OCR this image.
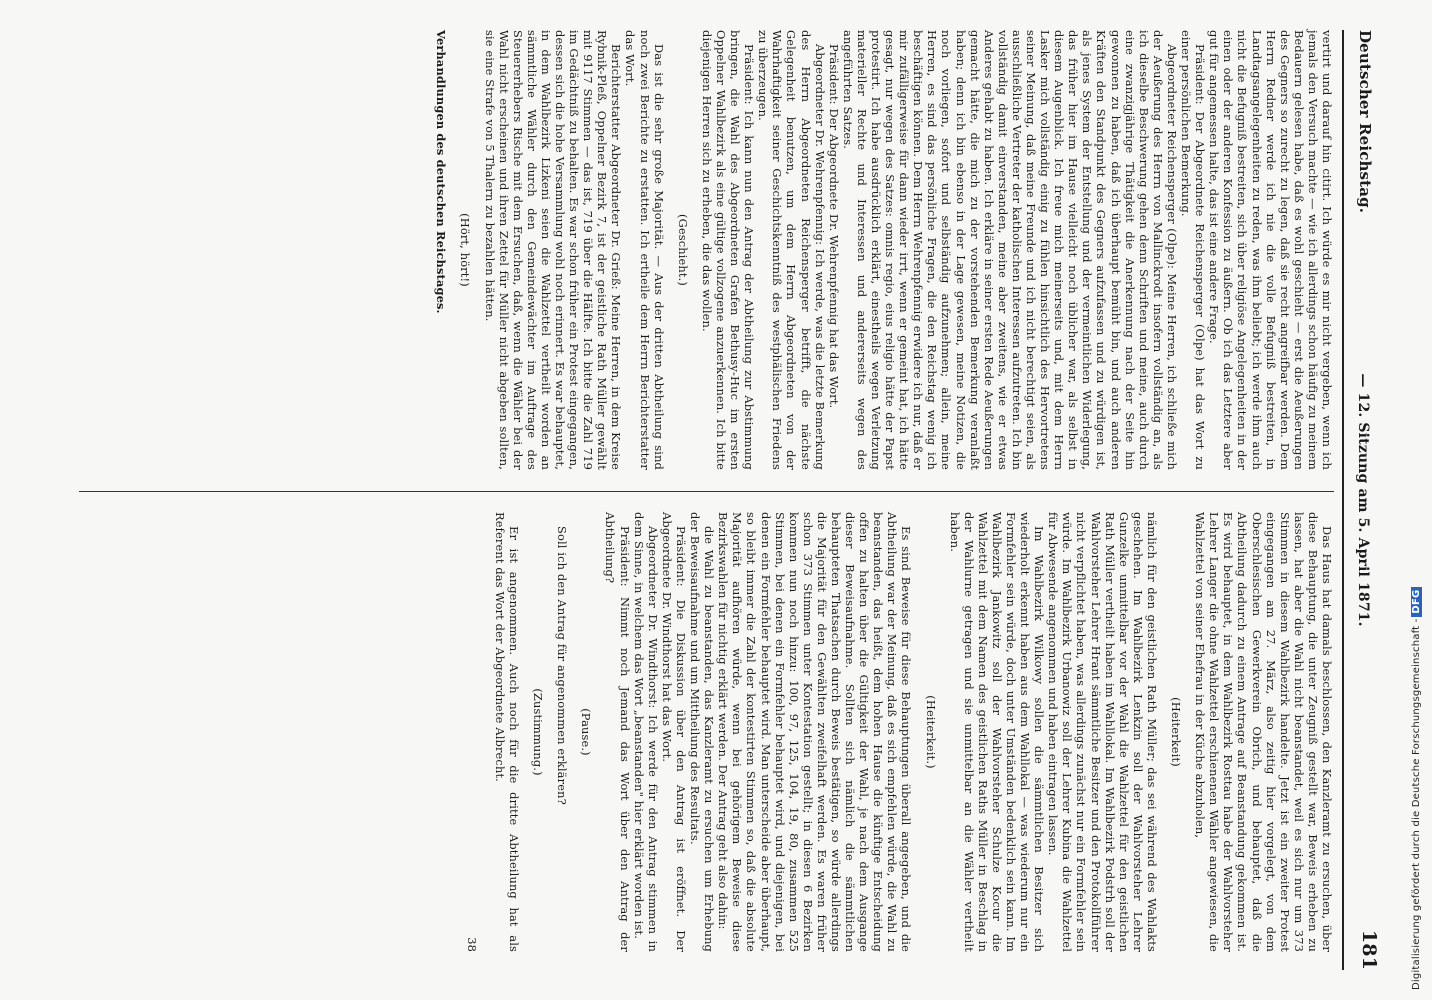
Deutscher Reichstag.
— 12. Sitzung am 5. April 1871.
181

vertirt und darauf hin citirt. Ich würde es mir nicht vergeben, wenn ich jemals den Versuch machte — wie ich allerdings schon häufig zu meinem Bedauern gelesen habe, daß es wohl geschieht — erst die Aeußerungen des Gegners so zurecht zu legen, daß sie recht angreifbar werden. Dem Herrn Redner werde ich nie die volle Befugniß bestreiten, in Landtagsangelegenheiten zu reden, was ihm beliebt; ich werde ihm auch nicht die Befugniß bestreiten, sich über religiöse Angelegenheiten in der einen oder der anderen Konfession zu äußern. Ob ich das Letztere aber gut für angemessen halte, das ist eine andere Frage.

Präsident: Der Abgeordnete Reichensperger (Olpe) hat das Wort zu einer persönlichen Bemerkung.

Abgeordneter Reichensperger (Olpe): Meine Herren, ich schließe mich der Aeußerung des Herrn von Mallinckrodt insofern vollständig an, als ich dieselbe Beschwerung gehen denn Schriften und meine, auch durch eine zwanzigjährige Thätigkeit die Anerkennung nach der Seite hin gewonnen zu haben, daß ich überhaupt bemüht bin, und auch anderen Kräften den Standpunkt des Gegners aufzufassen und zu würdigen ist, als jenes System der Entstellung und der vermeintlichen Widerlegung, das früher hier im Hause vielleicht noch üblicher war, als selbst in diesem Augenblick. Ich freue mich meinerseits und, mit dem Herrn Lasker mich vollständig einig zu fühlen hinsichtlich des Hervortretens seiner Meinung, daß meine Freunde und ich nicht berechtigt seien, als ausschließliche Vertreter der katholischen Interessen aufzutreten. Ich bin vollständig damit einverstanden, meine aber zweitens, wie er etwas Anderes gehabt zu haben. Ich erkläre in seiner ersten Rede Aeußerungen gemacht hätte, die mich zu der vorstehenden Bemerkung veranlaßt haben; denn ich bin ebenso in der Lage gewesen, meine Notizen, die noch vorliegen, sofort und selbständig aufzunehmen; allein, meine Herren, es sind das persönliche Fragen, die den Reichstag wenig ich beschäftigen können. Dem Herrn Wehrenpfennig erwidere ich nur, daß er mir zufälligerweise für dann wieder irrt, wenn er gemeint hat, ich hätte gesagt, nur wegen des Satzes: omnis regio, eius religio hätte der Papst protestirt. Ich habe ausdrücklich erklärt, einestheils wegen Verletzung materieller Rechte und Interessen und andererseits wegen des angeführten Satzes.

Präsident: Der Abgeordnete Dr. Wehrenpfennig hat das Wort.

Abgeordneter Dr. Wehrenpfennig: Ich werde, was die letzte Bemerkung des Herrn Abgeordneten Reichensperger betrifft, die nächste Gelegenheit benutzen, um dem Herrn Abgeordneten von der Wahrhaftigkeit seiner Geschichtskenntniß des westphälischen Friedens zu überzeugen.

Präsident: Ich kann nun den Antrag der Abtheilung zur Abstimmung bringen, die Wahl des Abgeordneten Grafen Bethusy-Huc im ersten Oppelner Wahlbezirk als eine gültige vollzogene anzuerkennen. Ich bitte diejenigen Herren sich zu erheben, die das wollen.

(Geschieht.)

Das ist die sehr große Majorität. — Aus der dritten Abtheilung sind noch zwei Berichte zu erstatten. Ich ertheile dem Herrn Berichterstatter das Wort.

Berichterstatter Abgeordneter Dr. Grieß: Meine Herren, in dem Kreise Rybnik-Pleß, Oppelner Bezirk 7, ist der geistliche Rath Müller gewählt mit 9117 Stimmen — das ist, 719 über die Hälfte. Ich bitte die Zahl 719 im Gedächtniß zu behalten. Es war schon früher ein Protest eingegangen, dessen sich die hohe Versammlung wohl noch erinnert. Es war behauptet, in dem Wahlbezirk Lizkeni seien die Wahlzettel vertheilt worden an sämmtliche Wähler durch den Gemeindewächter im Auftrage des Steuererhebers Rische mit dem Ersuchen, daß, wenn die Wähler bei der Wahl nicht erscheinen und ihren Zettel für Müller nicht abgeben sollten, sie eine Strafe von 5 Thalern zu bezahlen hätten.

(Hört, hört!)

Verhandlungen des deutschen Reichstages.

Das Haus hat damals beschlossen, den Kanzleramt zu ersuchen, über diese Behauptung, die unter Zeugniß gestellt war, Beweis erheben zu lassen, hat aber die Wahl nicht beanstandet, weil es sich nur um 373 Stimmen in diesem Wahlbezirk handelte. Jetzt ist ein zweiter Protest eingegangen am 27. März, also zeitig hier vorgelegt, von dem Oberschlesischen Gewerkverein Obrich, und behauptet, daß die Abtheilung dadurch zu einem Antrage auf Beanstandung gekommen ist. Es wird behauptet, in dem Wahlbezirk Rosttau habe der Wahlvorsteher Lehrer Langer die ohne Wahlzettel erschienenen Wähler angewiesen, die Wahlzettel von seiner Ehefrau in der Küche abzuholen,

(Heiterkeit)

nämlich für den geistlichen Rath Müller; das sei während des Wahlakts geschehen. Im Wahlbezirk Lenkzin soll der Wahlvorsteher Lehrer Gunzelke unmittelbar vor der Wahl die Wahlzettel für den geistlichen Rath Müller vertheilt haben im Wahllokal. Im Wahlbezirk Podstrh soll der Wahlvorsteher Lehrer Hrant sämmtliche Besitzer und den Protokollführer nicht verpflichtet haben, was allerdings zunächst nur ein Formfehler sein würde. Im Wahlbezirk Urbanowiz soll der Lehrer Kubina die Wahlzettel für Abwesende angenommen und haben eintragen lassen.

Im Wahlbezirk Wilkowy sollen die sämmtlichen Besitzer sich wiederholt erkennt haben aus dem Wahllokal — was wiederum nur ein Formfehler sein würde, doch unter Umständen bedenklich sein kann. Im Wahlbezirk Jankowitz soll der Wahlvorsteher Schulze Kocur die Wahlzettel mit dem Namen des geistlichen Raths Müller in Beschlag in der Wahlurne getragen und sie unmittelbar an die Wähler vertheilt haben.

(Heiterkeit.)

Es sind Beweise für diese Behauptungen überall angegeben, und die Abtheilung war der Meinung, daß es sich empfehlen würde, die Wahl zu beanstanden, das heißt, dem hohen Hause die künftige Entscheidung offen zu halten über die Gültigkeit der Wahl, je nach dem Ausgange dieser Beweisaufnahme. Sollten sich nämlich die sämmtlichen behaupteten Thatsachen durch Beweis bestätigen, so würde allerdings die Majorität für den Gewählten zweifelhaft werden. Es waren früher schon 373 Stimmen unter Kontestation gestellt; in diesen 6 Bezirken kommen nun noch hinzu: 100, 97, 125, 104, 19, 80, zusammen 525 Stimmen, bei denen ein Formfehler behauptet wird, und diejenigen, bei denen ein Formfehler behauptet wird. Man unterscheide aber überhaupt, so bleibt immer die Zahl der kontestirten Stimmen so, daß die absolute Majorität aufhören würde, wenn bei gehörigem Beweise diese Bezirkswahlen für nichtig erklärt werden. Der Antrag geht also dahin:

die Wahl zu beanstanden, das Kanzleramt zu ersuchen um Erhebung der Beweisaufnahme und um Mittheilung des Resultats.

Präsident: Die Diskussion über den Antrag ist eröffnet. Der Abgeordnete Dr. Windthorst hat das Wort.

Abgeordneter Dr. Windthorst: Ich werde für den Antrag stimmen in dem Sinne, in welchem das Wort „beanstanden" hier erklärt worden ist.

Präsident: Nimmt noch Jemand das Wort über den Antrag der Abtheilung?

(Pause.)

Soll ich den Antrag für angenommen erklären?

(Zustimmung.)

Er ist angenommen. Auch noch für die dritte Abtheilung hat als Referent das Wort der Abgeordnete Albrecht.

38	Digitalisierung gefördert durch die Deutsche Forschungsgemeinschaft -DFG
